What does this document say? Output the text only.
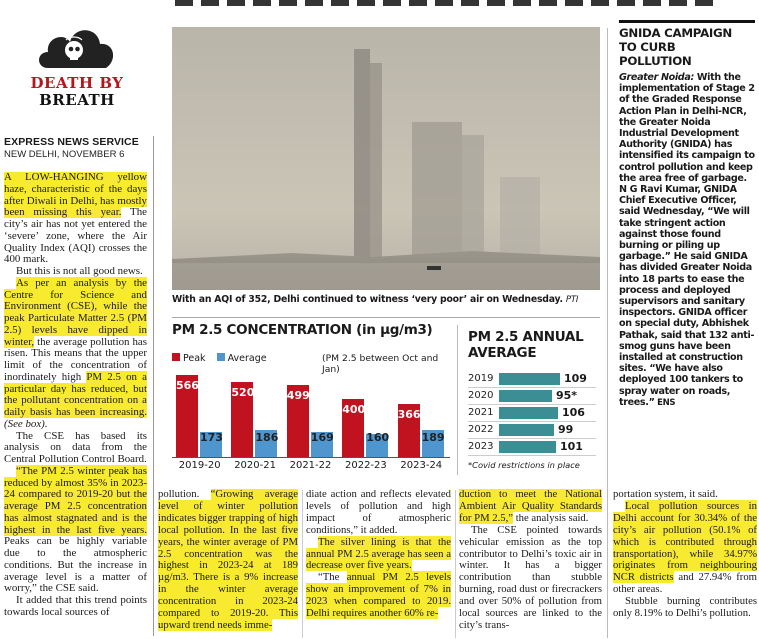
DEATH BY
BREATH
EXPRESS NEWS SERVICE
NEW DELHI, NOVEMBER 6

A LOW-HANGING yellow haze, characteristic of the days after Diwali in Delhi, has mostly been missing this year. The city’s air has not yet entered the ‘severe’ zone, where the Air Quality Index (AQI) crosses the 400 mark.

But this is not all good news.

As per an analysis by the Centre for Science and Environment (CSE), while the peak Particulate Matter 2.5 (PM 2.5) levels have dipped in winter, the average pollution has risen. This means that the upper limit of the concentration of inordinately high PM 2.5 on a particular day has reduced, but the pollutant concentration on a daily basis has been increasing. (See box).

The CSE has based its analysis on data from the Central Pollution Control Board.

“The PM 2.5 winter peak has reduced by almost 35% in 2023-24 compared to 2019-20 but the average PM 2.5 concentration has almost stagnated and is the highest in the last five years. Peaks can be highly variable due to the atmospheric conditions. But the increase in average level is a matter of worry,” the CSE said.

It added that this trend points towards local sources of

With an AQI of 352, Delhi continued to witness ‘very poor’ air on Wednesday. PTI
PM 2.5 CONCENTRATION (in µg/m3)
Peak Average	(PM 2.5 between Oct and Jan)
566
173
520
186
499
169
400
160
366
189
2019-20	2020-21	2021-22	2022-23	2023-24
PM 2.5 ANNUAL AVERAGE
2019	109
2020	95*
2021	106
2022	99
2023	101
*Covid restrictions in place

pollution. “Growing average level of winter pollution indicates bigger trapping of high local pollution. In the last five years, the winter average of PM 2.5 concentration was the highest in 2023-24 at 189 µg/m3. There is a 9% increase in the winter average concentration in 2023-24 compared to 2019-20. This upward trend needs imme-

diate action and reflects elevated levels of pollution and high impact of atmospheric conditions,” it added.

The silver lining is that the annual PM 2.5 average has seen a decrease over five years.

“The annual PM 2.5 levels show an improvement of 7% in 2023 when compared to 2019. Delhi requires another 60% re-

duction to meet the National Ambient Air Quality Standards for PM 2.5,” the analysis said.

The CSE pointed towards vehicular emission as the top contributor to Delhi’s toxic air in winter. It has a bigger contribution than stubble burning, road dust or firecrackers and over 50% of pollution from local sources are linked to the city’s trans-

portation system, it said.

Local pollution sources in Delhi account for 30.34% of the city’s air pollution (50.1% of which is contributed through transportation), while 34.97% originates from neighbouring NCR districts and 27.94% from other areas.

Stubble burning contributes only 8.19% to Delhi’s pollution.

GNIDA CAMPAIGN TO CURB POLLUTION
Greater Noida: With the implementation of Stage 2 of the Graded Response Action Plan in Delhi-NCR, the Greater Noida Industrial Development Authority (GNIDA) has intensified its campaign to control pollution and keep the area free of garbage. N G Ravi Kumar, GNIDA Chief Executive Officer, said Wednesday, “We will take stringent action against those found burning or piling up garbage.” He said GNIDA has divided Greater Noida into 18 parts to ease the process and deployed supervisors and sanitary inspectors. GNIDA officer on special duty, Abhishek Pathak, said that 132 anti-smog guns have been installed at construction sites. “We have also deployed 100 tankers to spray water on roads, trees.” ENS
